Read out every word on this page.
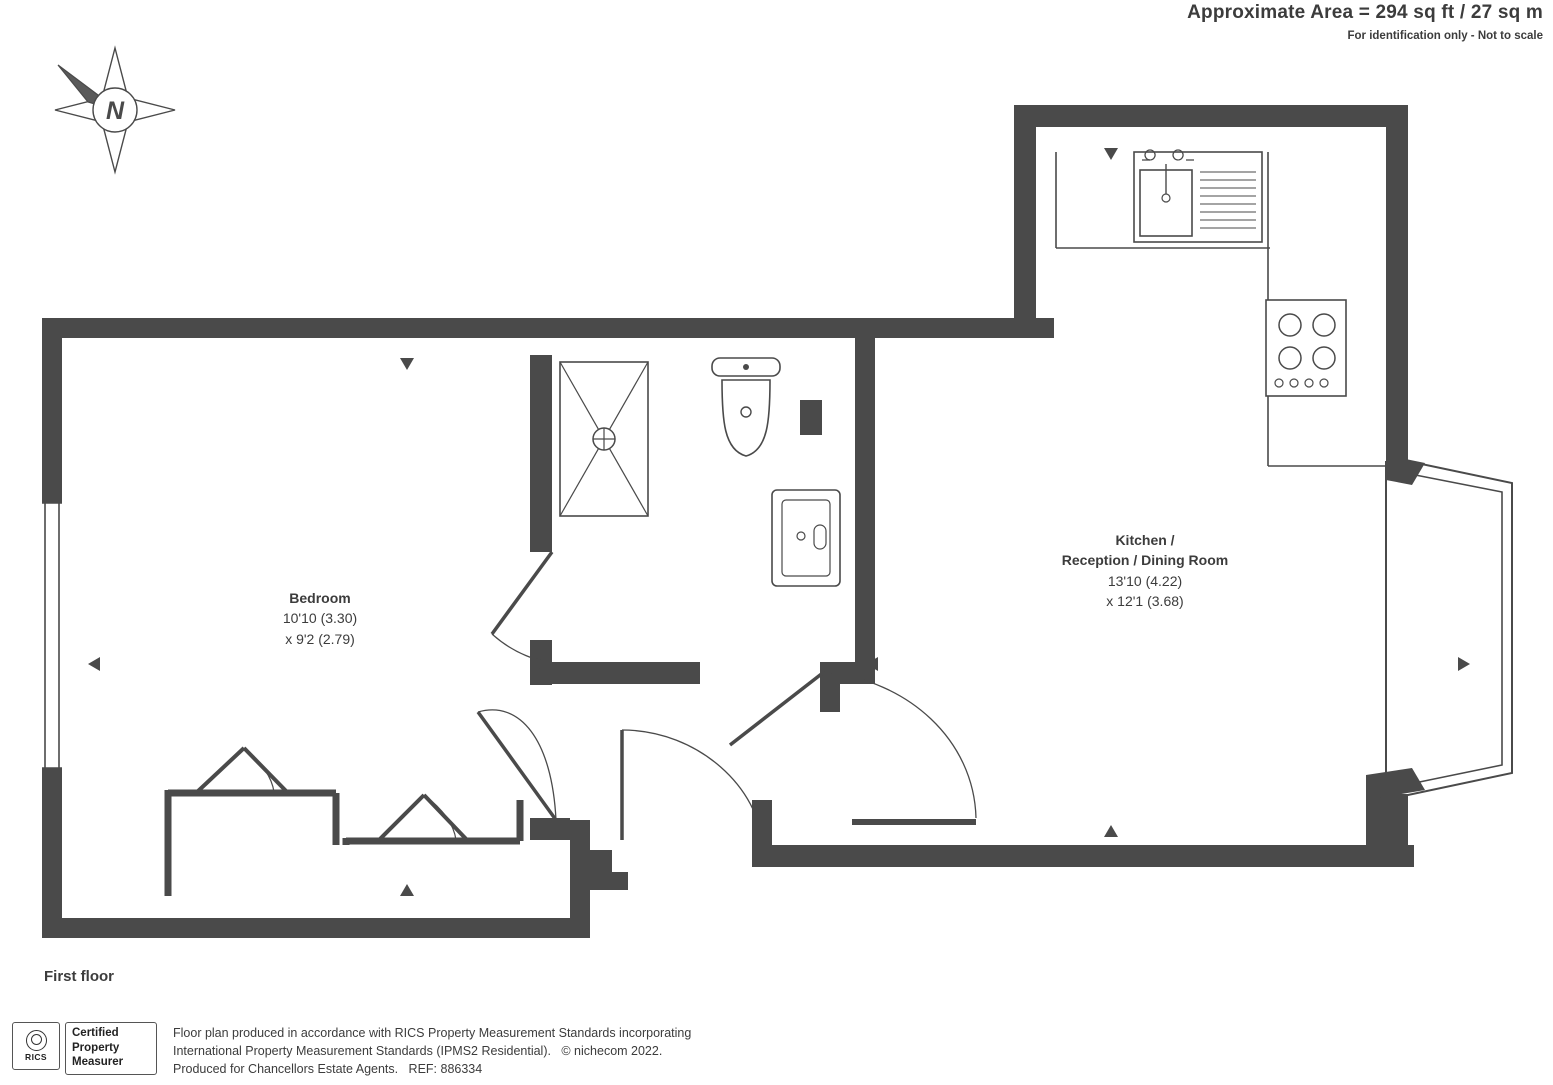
Approximate Area = 294 sq ft / 27 sq m
For identification only - Not to scale
N
Bedroom
10'10 (3.30)
x 9'2 (2.79)
Kitchen /
Reception / Dining Room
13'10 (4.22)
x 12'1 (3.68)
First floor
RICS
Certified
Property
Measurer
Floor plan produced in accordance with RICS Property Measurement Standards incorporating
International Property Measurement Standards (IPMS2 Residential).   © nichecom 2022.
Produced for Chancellors Estate Agents.   REF: 886334
